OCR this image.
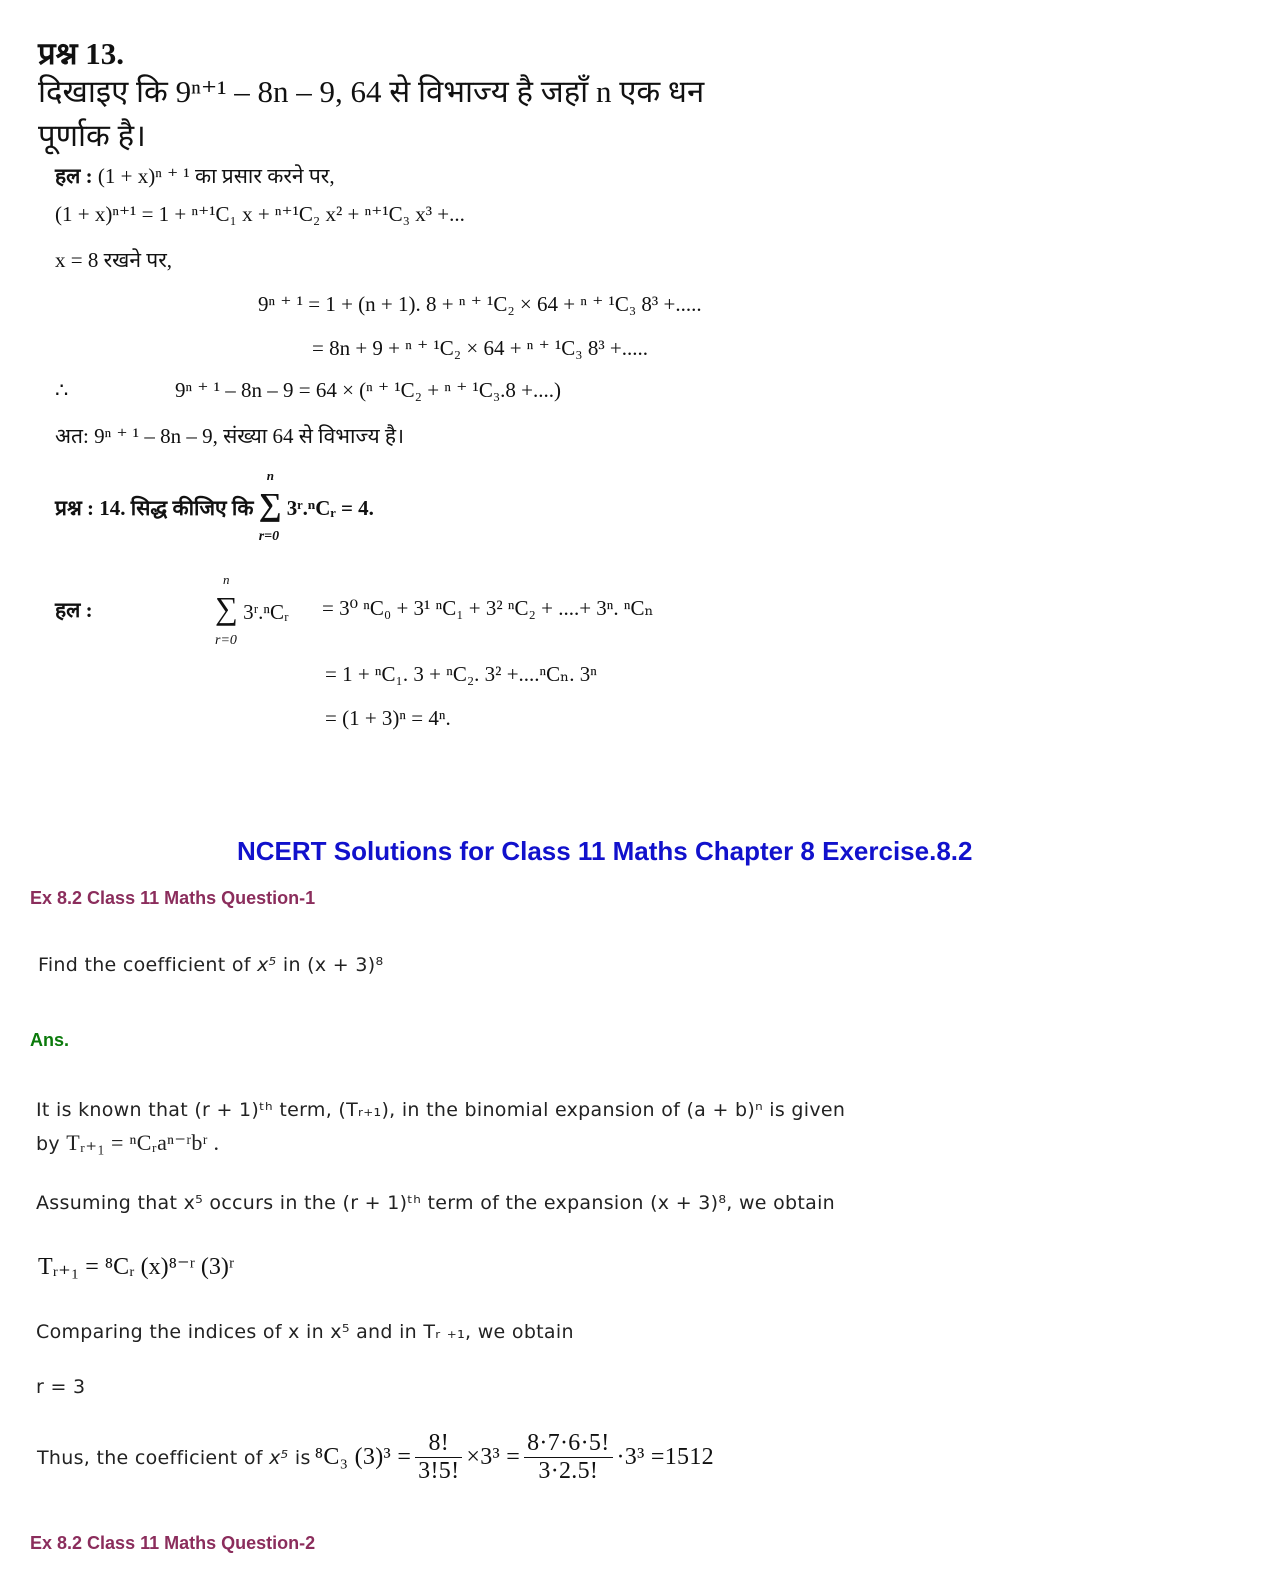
प्रश्न 13.
दिखाइए कि 9ⁿ⁺¹ – 8n – 9, 64 से विभाज्य है जहाँ n एक धन
पूर्णाक है।
हल : (1 + x)ⁿ ⁺ ¹ का प्रसार करने पर,
(1 + x)ⁿ⁺¹ = 1 + ⁿ⁺¹C₁ x + ⁿ⁺¹C₂ x² + ⁿ⁺¹C₃ x³ +...
x = 8 रखने पर,
9ⁿ ⁺ ¹ = 1 + (n + 1). 8 + ⁿ ⁺ ¹C₂ × 64 + ⁿ ⁺ ¹C₃ 8³ +.....
= 8n + 9 + ⁿ ⁺ ¹C₂ × 64 + ⁿ ⁺ ¹C₃ 8³ +.....
∴	9ⁿ ⁺ ¹ – 8n – 9 = 64 × (ⁿ ⁺ ¹C₂ + ⁿ ⁺ ¹C₃.8 +....)
अत: 9ⁿ ⁺ ¹ – 8n – 9, संख्या 64 से विभाज्य है।
प्रश्न : 14. सिद्ध कीजिए कि ∑
n
r=0
3ʳ.ⁿCᵣ = 4.
हल :	∑
n
r=0
3ʳ.ⁿCᵣ = 3⁰ ⁿC₀ + 3¹ ⁿC₁ + 3² ⁿC₂ + ....+ 3ⁿ. ⁿCₙ
= 1 + ⁿC₁. 3 + ⁿC₂. 3² +....ⁿCₙ. 3ⁿ
= (1 + 3)ⁿ = 4ⁿ.
NCERT Solutions for Class 11 Maths Chapter 8 Exercise.8.2
Ex 8.2 Class 11 Maths Question-1
Find the coefficient of x⁵ in (x + 3)⁸
Ans.
It is known that (r + 1)ᵗʰ term, (Tᵣ₊₁), in the binomial expansion of (a + b)ⁿ is given
by Tᵣ₊₁ = ⁿCᵣaⁿ⁻ʳbʳ .
Assuming that x⁵ occurs in the (r + 1)ᵗʰ term of the expansion (x + 3)⁸, we obtain
Tᵣ₊₁ = ⁸Cᵣ (x)⁸⁻ʳ (3)ʳ
Comparing the indices of x in x⁵ and in Tᵣ ₊₁, we obtain
r = 3
Thus, the coefficient of
x⁵
is ⁸C₃ $(3)^3 = \frac{8!}{3!5!} \times 3^3 = \frac{8\cdot 7\cdot 6\cdot 5!}{3\cdot 2.5!} \cdot 3^3 =1512$
Ex 8.2 Class 11 Maths Question-2
